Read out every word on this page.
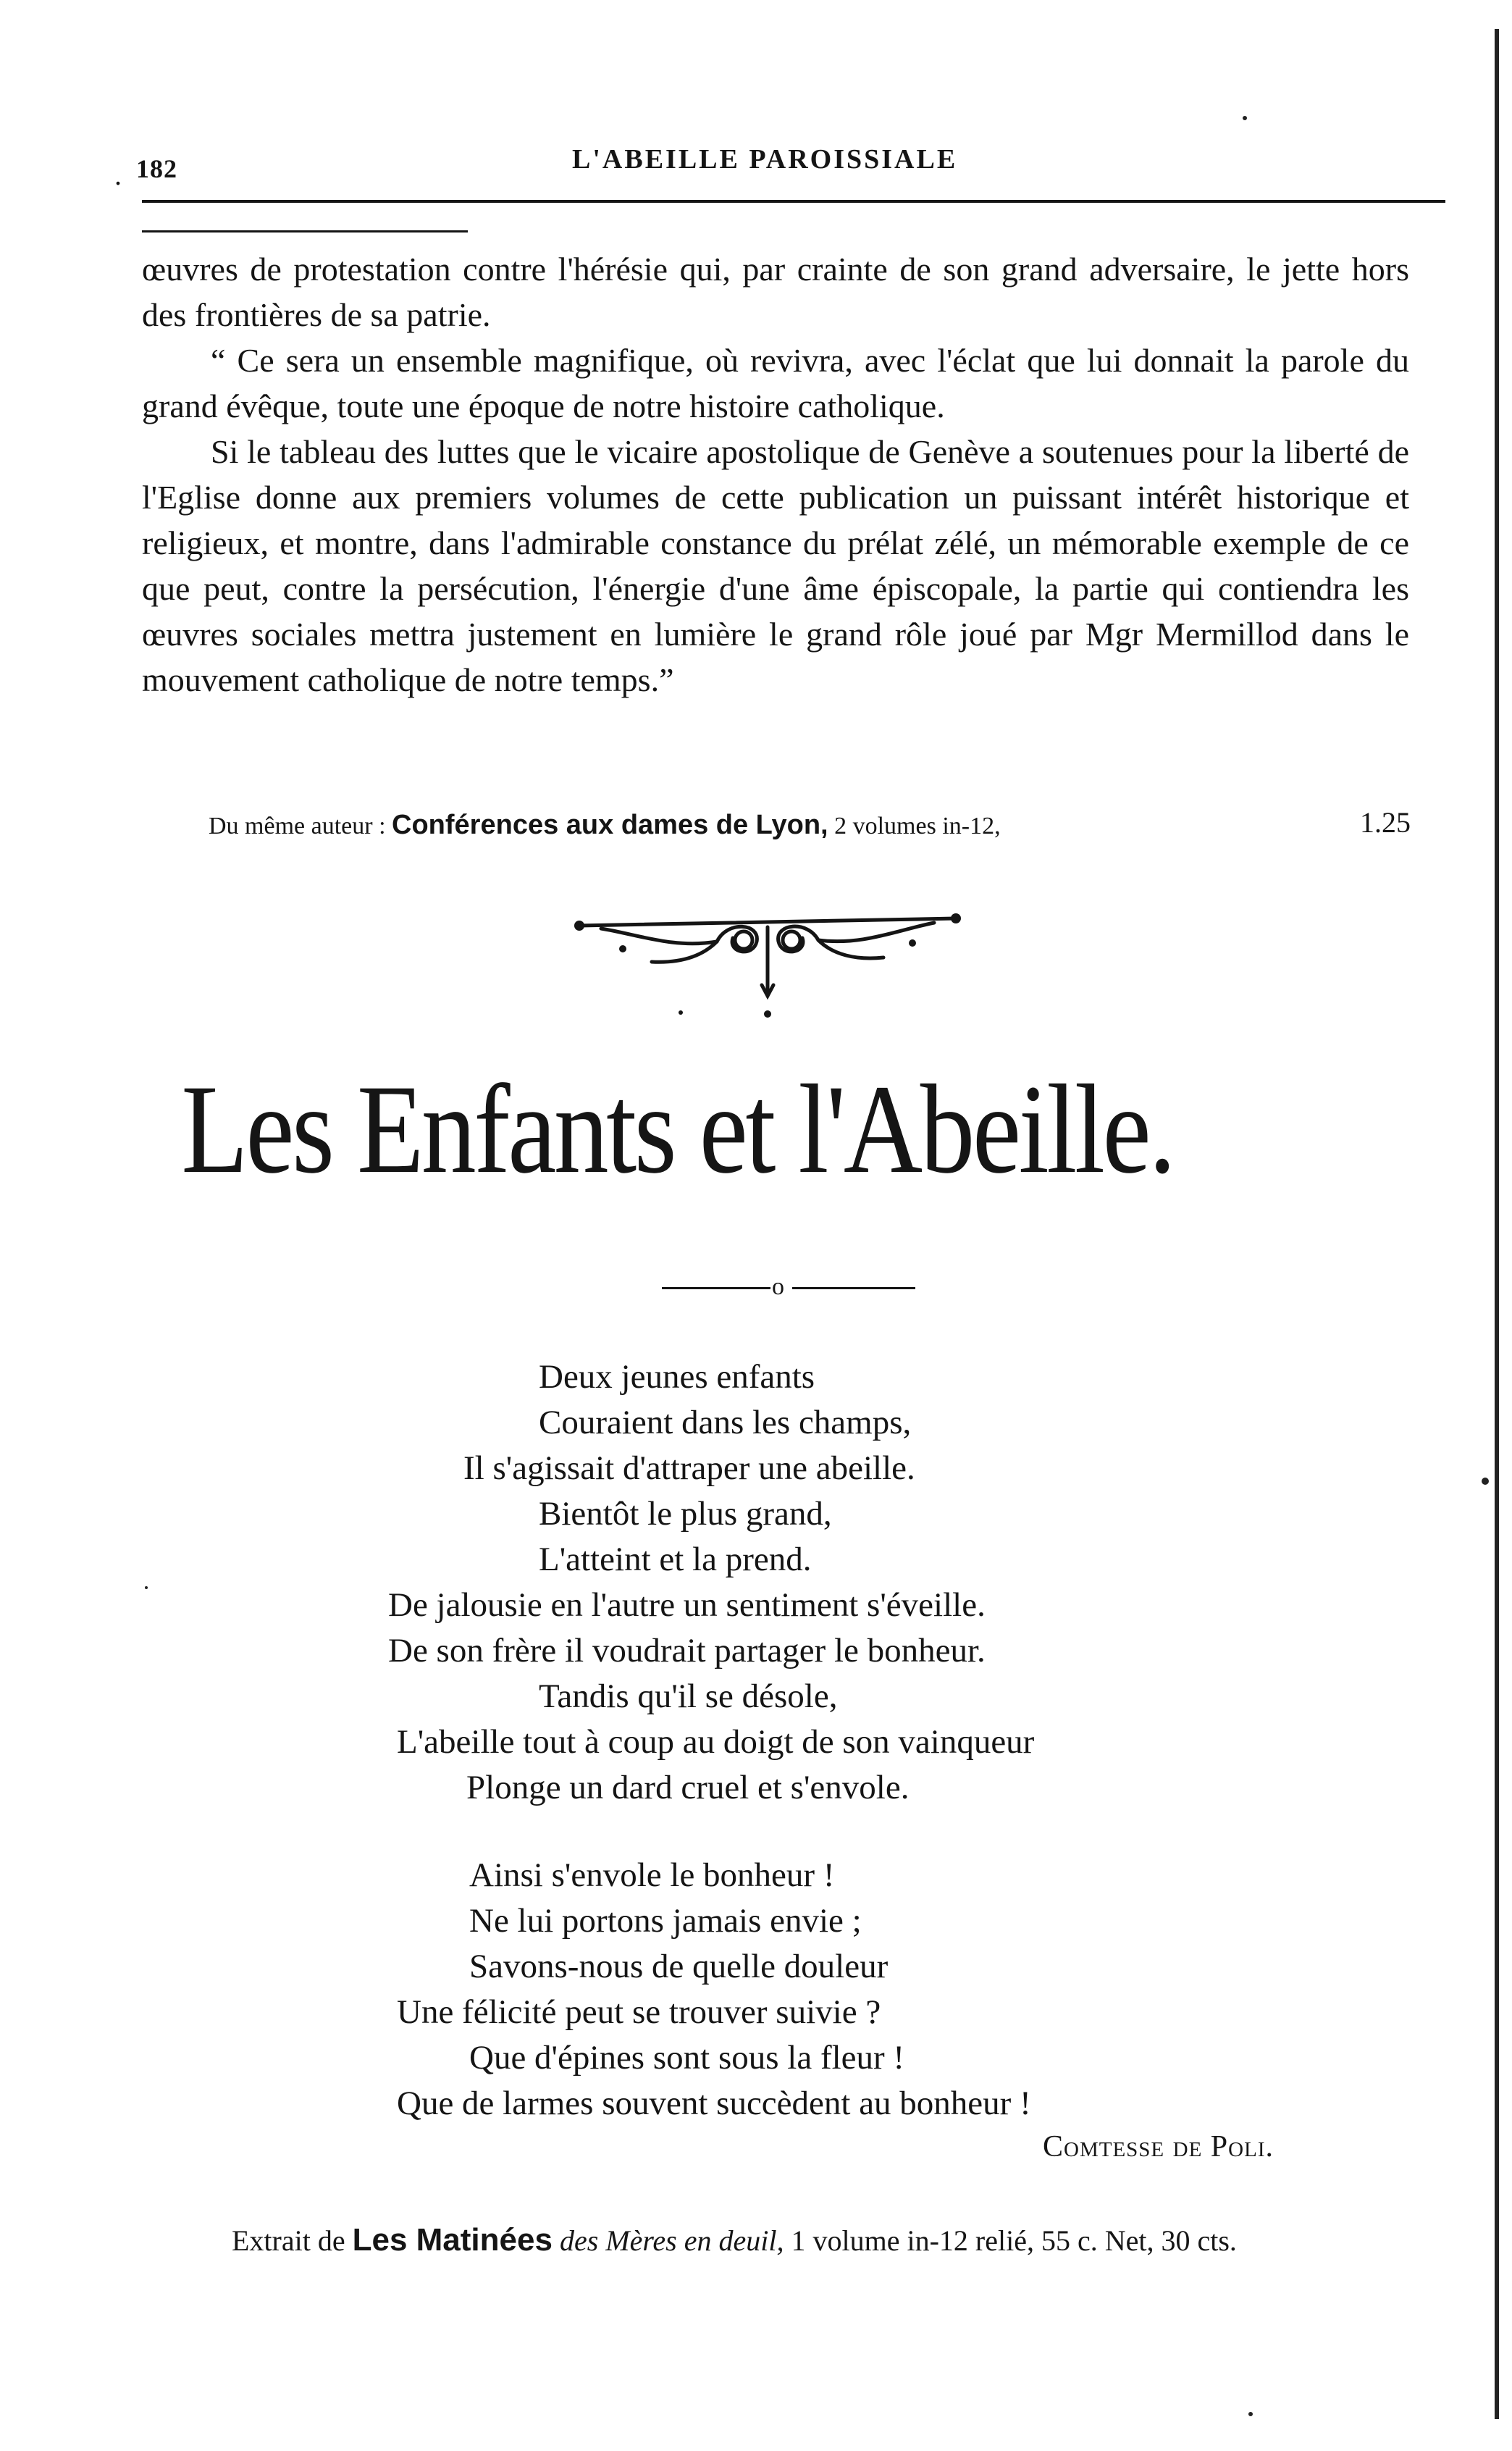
. 182	L'ABEILLE PAROISSIALE

œuvres de protestation contre l'hérésie qui, par crainte de son grand adversaire, le jette hors des frontières de sa patrie.

“ Ce sera un ensemble magnifique, où revivra, avec l'éclat que lui donnait la parole du grand évêque, toute une époque de notre histoire catholique.

Si le tableau des luttes que le vicaire apostolique de Genève a soutenues pour la liberté de l'Eglise donne aux premiers volumes de cette publication un puissant intérêt historique et religieux, et montre, dans l'admirable constance du prélat zélé, un mémorable exemple de ce que peut, contre la persécution, l'énergie d'une âme épiscopale, la partie qui contiendra les œuvres sociales mettra justement en lumière le grand rôle joué par Mgr Mermillod dans le mouvement catholique de notre temps.”

Du même auteur : Conférences aux dames de Lyon, 2 volumes in-12,	1.25
Les Enfants et l'Abeille.
o
Deux jeunes enfants
Couraient dans les champs,
Il s'agissait d'attraper une abeille.
Bientôt le plus grand,
L'atteint et la prend.
De jalousie en l'autre un sentiment s'éveille.
De son frère il voudrait partager le bonheur.
Tandis qu'il se désole,
L'abeille tout à coup au doigt de son vainqueur
Plonge un dard cruel et s'envole.
Ainsi s'envole le bonheur !
Ne lui portons jamais envie ;
Savons-nous de quelle douleur
Une félicité peut se trouver suivie ?
Que d'épines sont sous la fleur !
Que de larmes souvent succèdent au bonheur !
Comtesse de Poli.
Extrait de Les Matinées des Mères en deuil, 1 volume in-12 relié, 55 c. Net, 30 cts.
